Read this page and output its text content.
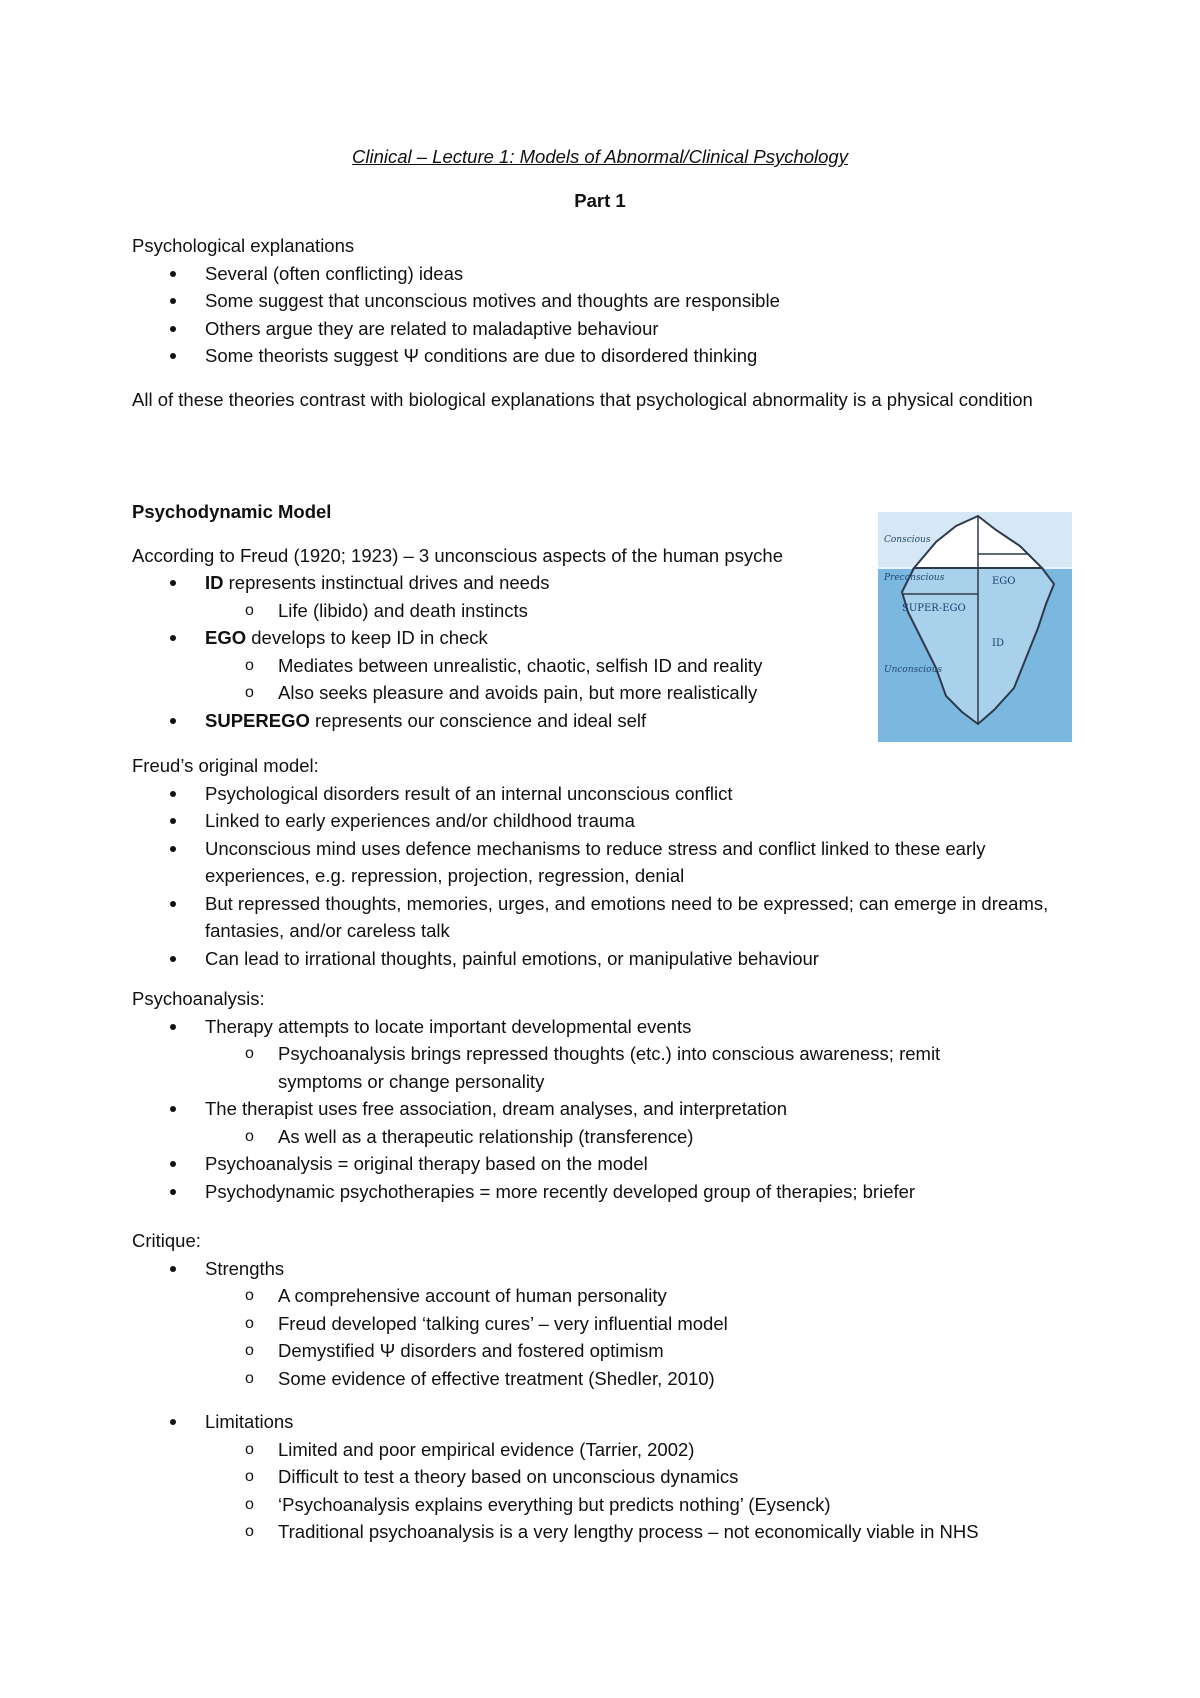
Clinical – Lecture 1: Models of Abnormal/Clinical Psychology
Part 1
Psychological explanations
Several (often conflicting) ideas
Some suggest that unconscious motives and thoughts are responsible
Others argue they are related to maladaptive behaviour
Some theorists suggest Ψ conditions are due to disordered thinking
All of these theories contrast with biological explanations that psychological abnormality is a physical condition
Psychodynamic Model
According to Freud (1920; 1923) – 3 unconscious aspects of the human psyche
ID represents instinctual drives and needs
o Life (libido) and death instincts
EGO develops to keep ID in check
o Mediates between unrealistic, chaotic, selfish ID and reality
o Also seeks pleasure and avoids pain, but more realistically
SUPEREGO represents our conscience and ideal self
Conscious
Preconscious
Unconscious
EGO
SUPER-EGO
ID
Freud’s original model:
Psychological disorders result of an internal unconscious conflict
Linked to early experiences and/or childhood trauma
Unconscious mind uses defence mechanisms to reduce stress and conflict linked to these early experiences, e.g. repression, projection, regression, denial
But repressed thoughts, memories, urges, and emotions need to be expressed; can emerge in dreams, fantasies, and/or careless talk
Can lead to irrational thoughts, painful emotions, or manipulative behaviour
Psychoanalysis:
Therapy attempts to locate important developmental events
o Psychoanalysis brings repressed thoughts (etc.) into conscious awareness; remit symptoms or change personality
The therapist uses free association, dream analyses, and interpretation
o As well as a therapeutic relationship (transference)
Psychoanalysis = original therapy based on the model
Psychodynamic psychotherapies = more recently developed group of therapies; briefer
Critique:
Strengths
o A comprehensive account of human personality
o Freud developed ‘talking cures’ – very influential model
o Demystified Ψ disorders and fostered optimism
o Some evidence of effective treatment (Shedler, 2010)
Limitations
o Limited and poor empirical evidence (Tarrier, 2002)
o Difficult to test a theory based on unconscious dynamics
o ‘Psychoanalysis explains everything but predicts nothing’ (Eysenck)
o Traditional psychoanalysis is a very lengthy process – not economically viable in NHS
